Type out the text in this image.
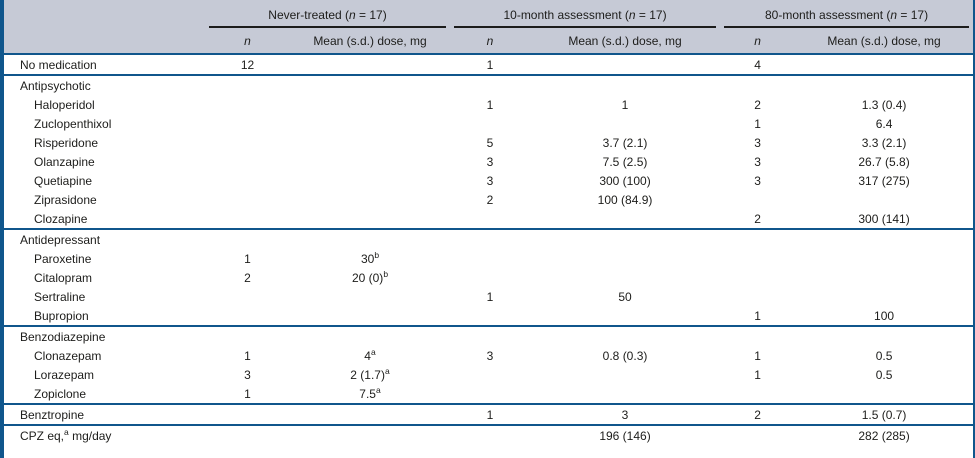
	Never-treated (n = 17)		10-month assessment (n = 17)		80-month assessment (n = 17)	

	n	Mean (s.d.) dose, mg	n	Mean (s.d.) dose, mg	n	Mean (s.d.) dose, mg
No medication	12		1		4	
Antipsychotic						
Haloperidol			1	1	2	1.3 (0.4)
Zuclopenthixol					1	6.4
Risperidone			5	3.7 (2.1)	3	3.3 (2.1)
Olanzapine			3	7.5 (2.5)	3	26.7 (5.8)
Quetiapine			3	300 (100)	3	317 (275)
Ziprasidone			2	100 (84.9)		
Clozapine					2	300 (141)
Antidepressant						
Paroxetine	1	30$^b$				
Citalopram	2	20 $(0)^b$				
Sertraline			1	50		
Bupropion					1	100
Benzodiazepine						
Clonazepam	1	4$^a$	3	0.8 (0.3)	1	0.5
Lorazepam	3	2 $(1.7)^a$			1	0.5
Zopiclone	1	7.5$^a$				
Benztropine			1	3	2	1.5 (0.7)
CPZ eq,$^a$ mg/day				196 (146)		282 (285)
